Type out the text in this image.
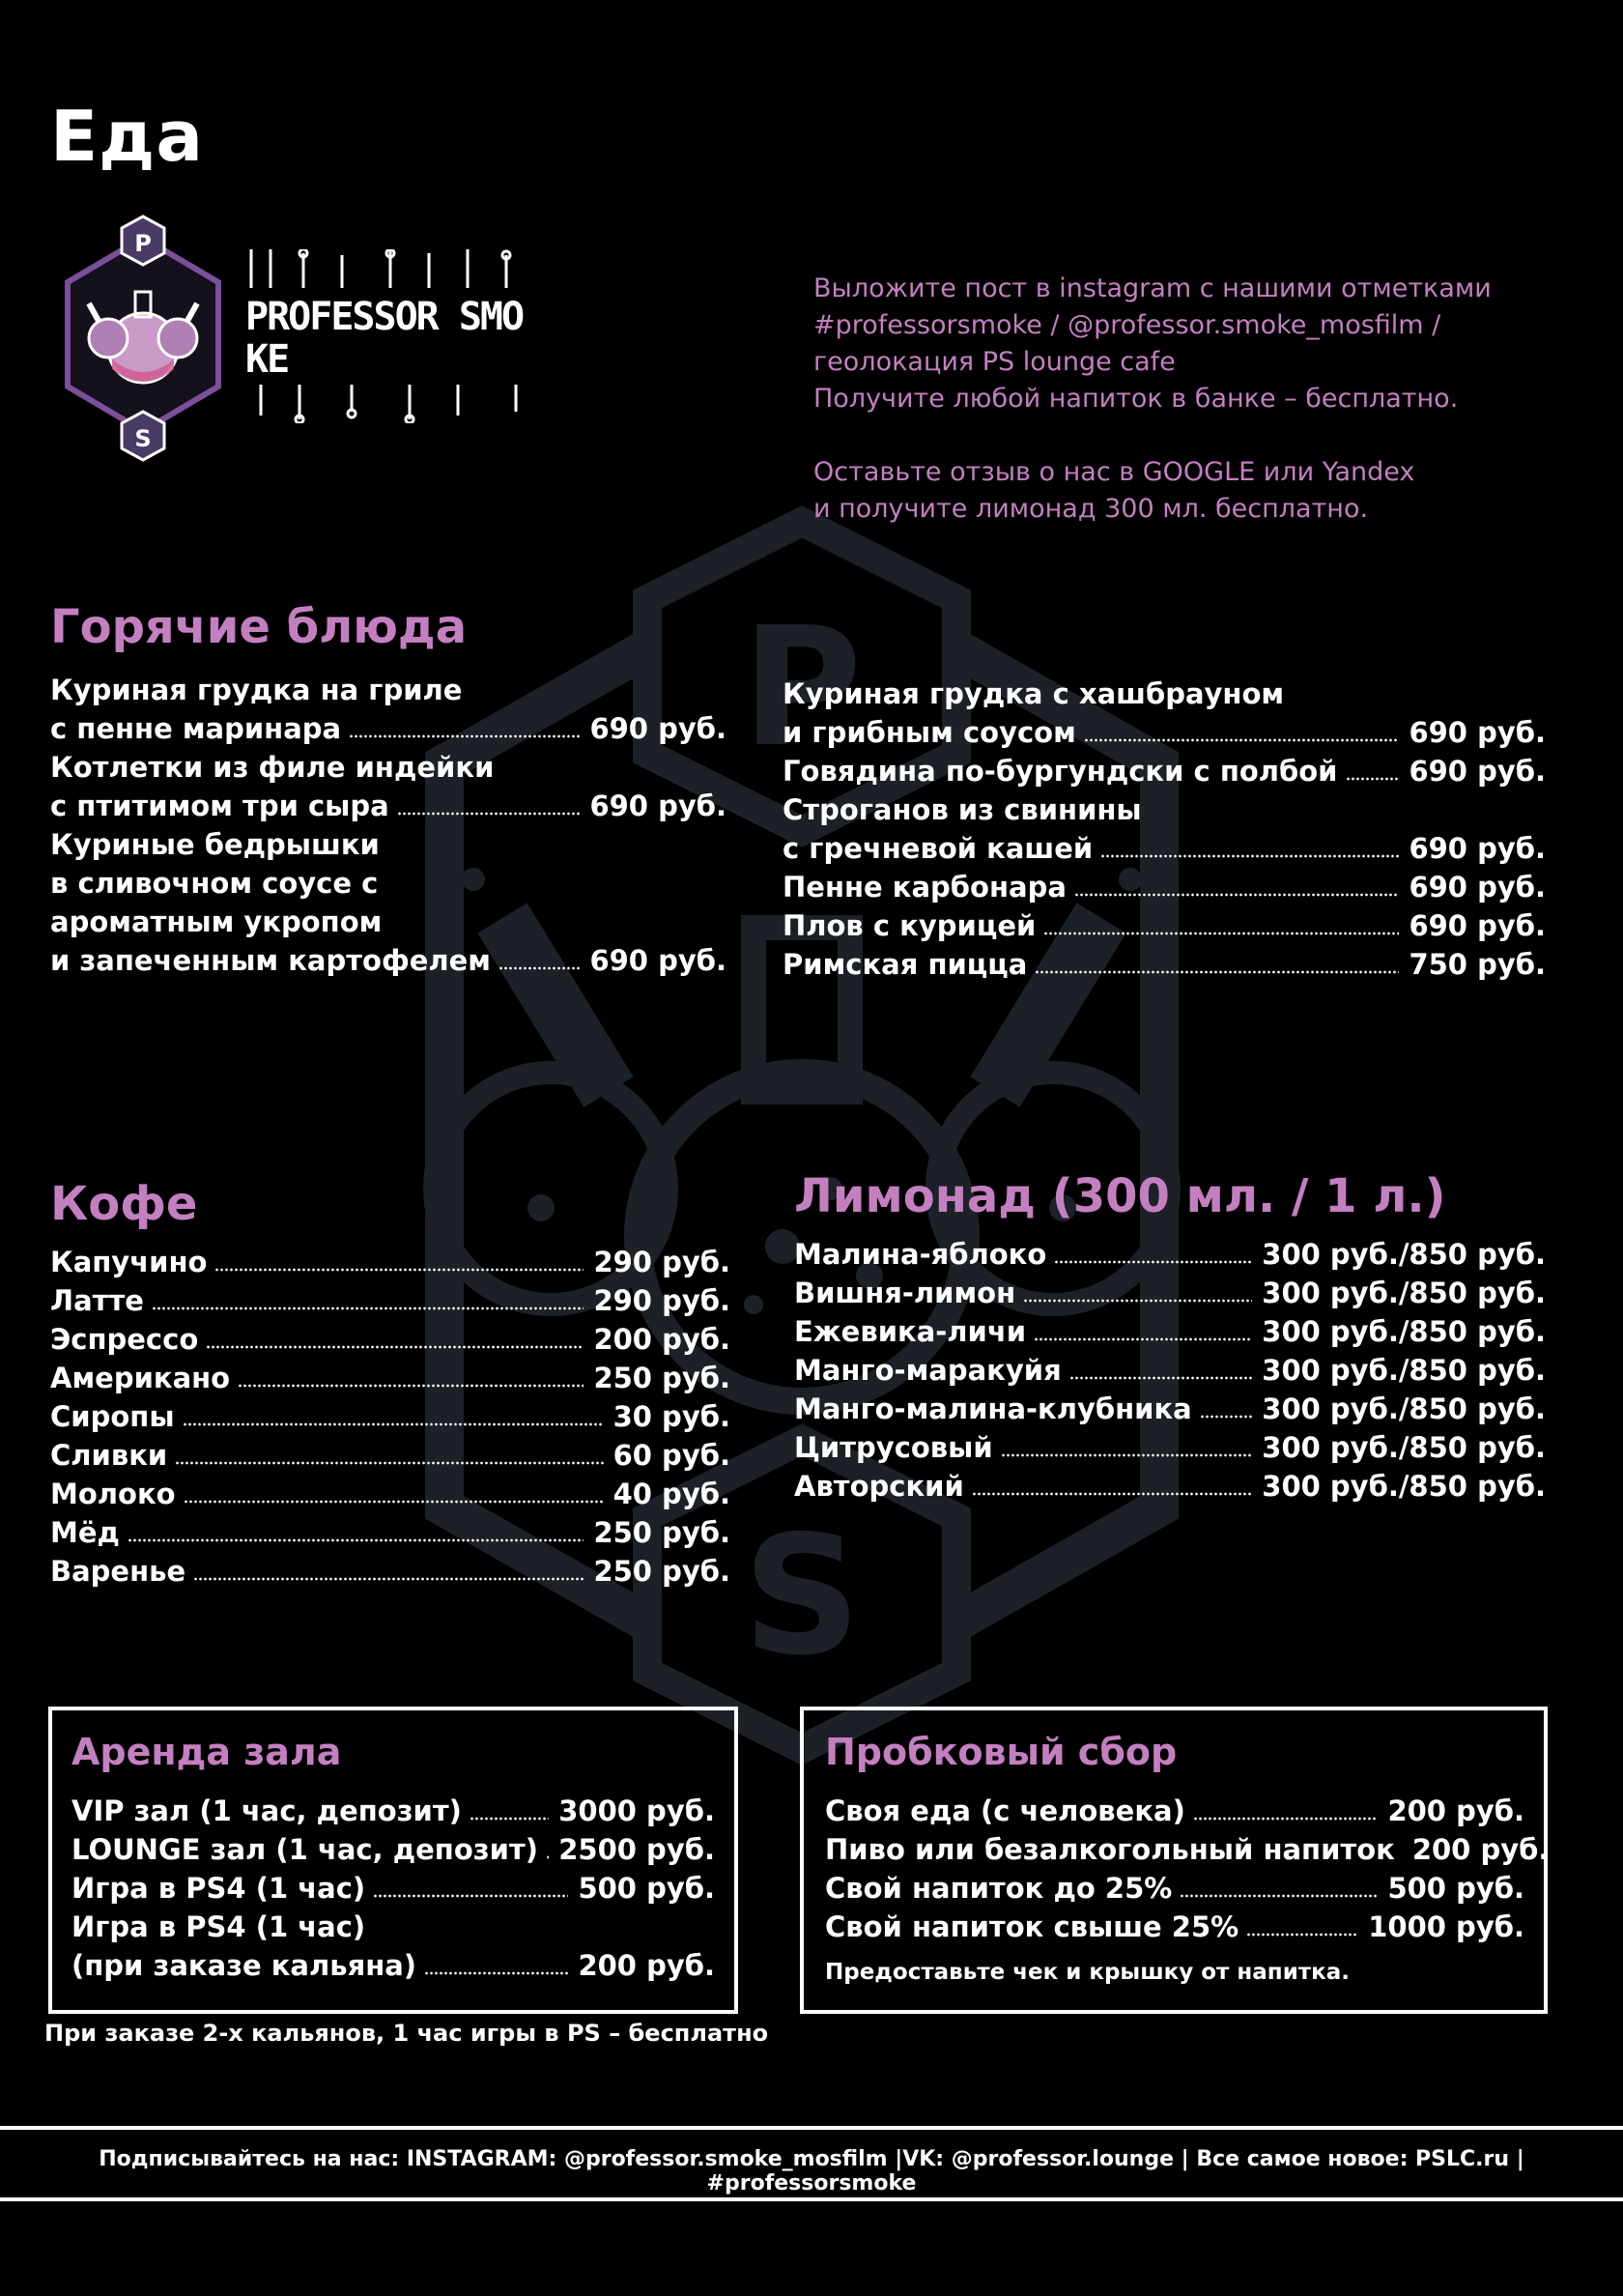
P
S
Еда
P
S
PROFESSOR SMOKE

Выложите пост в instagram с нашими отметками

#professorsmoke / @professor.smoke_mosfilm /

геолокация PS lounge cafe

Получите любой напиток в банке – бесплатно.

Оставьте отзыв о нас в GOOGLE или Yandex

и получите лимонад 300 мл. бесплатно.

Горячие блюда
Куриная грудка на гриле
с пенне маринара	690 руб.
Котлетки из филе индейки
с птитимом три сыра	690 руб.
Куриные бедрышки
в сливочном соусе с
ароматным укропом
и запеченным картофелем	690 руб.
Куриная грудка с хашбрауном
и грибным соусом	690 руб.
Говядина по-бургундски с полбой	690 руб.
Строганов из свинины
с гречневой кашей	690 руб.
Пенне карбонара	690 руб.
Плов с курицей	690 руб.
Римская пицца	750 руб.
Кофе
Капучино	290 руб.
Латте	290 руб.
Эспрессо	200 руб.
Американо	250 руб.
Сиропы	30 руб.
Сливки	60 руб.
Молоко	40 руб.
Мёд	250 руб.
Варенье	250 руб.
Лимонад (300 мл. / 1 л.)
Малина-яблоко	300 руб./850 руб.
Вишня-лимон	300 руб./850 руб.
Ежевика-личи	300 руб./850 руб.
Манго-маракуйя	300 руб./850 руб.
Манго-малина-клубника	300 руб./850 руб.
Цитрусовый	300 руб./850 руб.
Авторский	300 руб./850 руб.
Аренда зала
VIP зал (1 час, депозит)	3000 руб.
LOUNGE зал (1 час, депозит) 2500 руб.
Игра в PS4 (1 час)	500 руб.
Игра в PS4 (1 час)
(при заказе кальяна)	200 руб.
При заказе 2-х кальянов, 1 час игры в PS – бесплатно
Пробковый сбор
Своя еда (с человека)	200 руб.
Пиво или безалкогольный напиток 200 руб.
Свой напиток до 25%	500 руб.
Свой напиток свыше 25%	1000 руб.
Предоставьте чек и крышку от напитка.
Подписывайтесь на нас: INSTAGRAM: @professor.smoke_mosfilm |VK: @professor.lounge | Все самое новое: PSLC.ru | #professorsmoke
